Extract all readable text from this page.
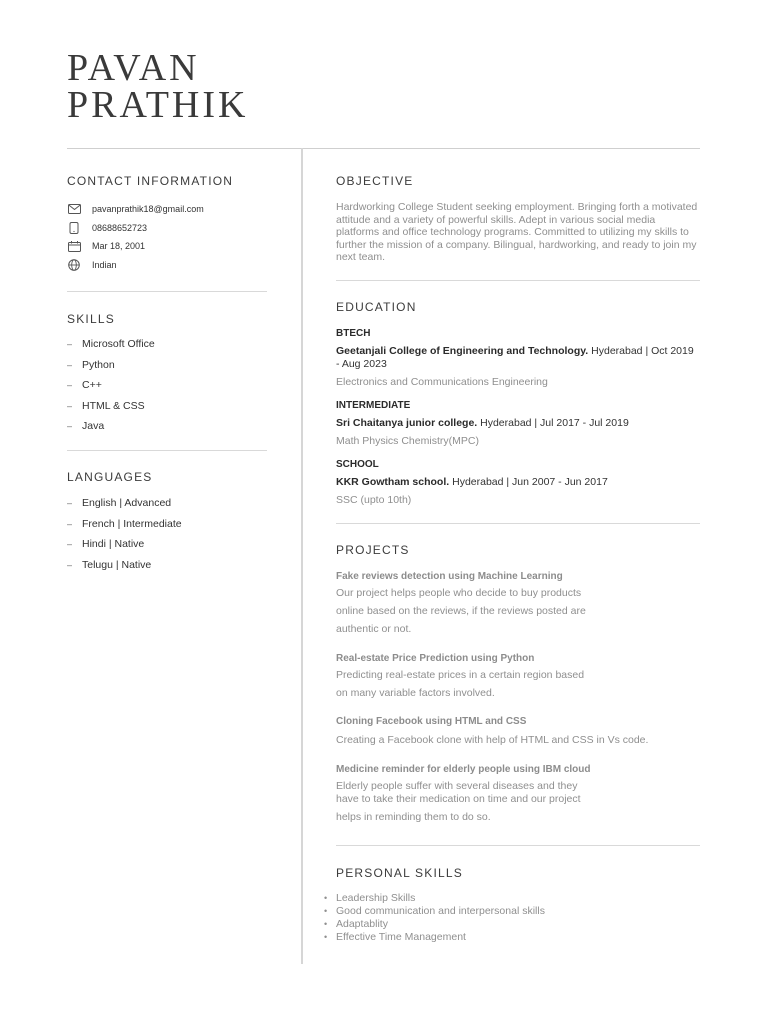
PAVAN
PRATHIK
CONTACT INFORMATION
pavanprathik18@gmail.com
08688652723
Mar 18, 2001
Indian
SKILLS
– Microsoft Office
– Python
– C++
– HTML & CSS
– Java
LANGUAGES
– English | Advanced
– French | Intermediate
– Hindi | Native
– Telugu | Native
OBJECTIVE
Hardworking College Student seeking employment. Bringing forth a motivated attitude and a variety of powerful skills. Adept in various social media platforms and office technology programs. Committed to utilizing my skills to further the mission of a company. Bilingual, hardworking, and ready to join my next team.
EDUCATION
BTECH
Geetanjali College of Engineering and Technology. Hyderabad | Oct 2019 - Aug 2023
Electronics and Communications Engineering
INTERMEDIATE
Sri Chaitanya junior college. Hyderabad | Jul 2017 - Jul 2019
Math Physics Chemistry(MPC)
SCHOOL
KKR Gowtham school. Hyderabad | Jun 2007 - Jun 2017
SSC (upto 10th)
PROJECTS
Fake reviews detection using Machine Learning
Our project helps people who decide to buy products
online based on the reviews, if the reviews posted are
authentic or not.
Real-estate Price Prediction using Python
Predicting real-estate prices in a certain region based
on many variable factors involved.
Cloning Facebook using HTML and CSS
Creating a Facebook clone with help of HTML and CSS in Vs code.
Medicine reminder for elderly people using IBM cloud
Elderly people suffer with several diseases and they
have to take their medication on time and our project
helps in reminding them to do so.
PERSONAL SKILLS
• Leadership Skills
• Good communication and interpersonal skills
• Adaptablity
• Effective Time Management
